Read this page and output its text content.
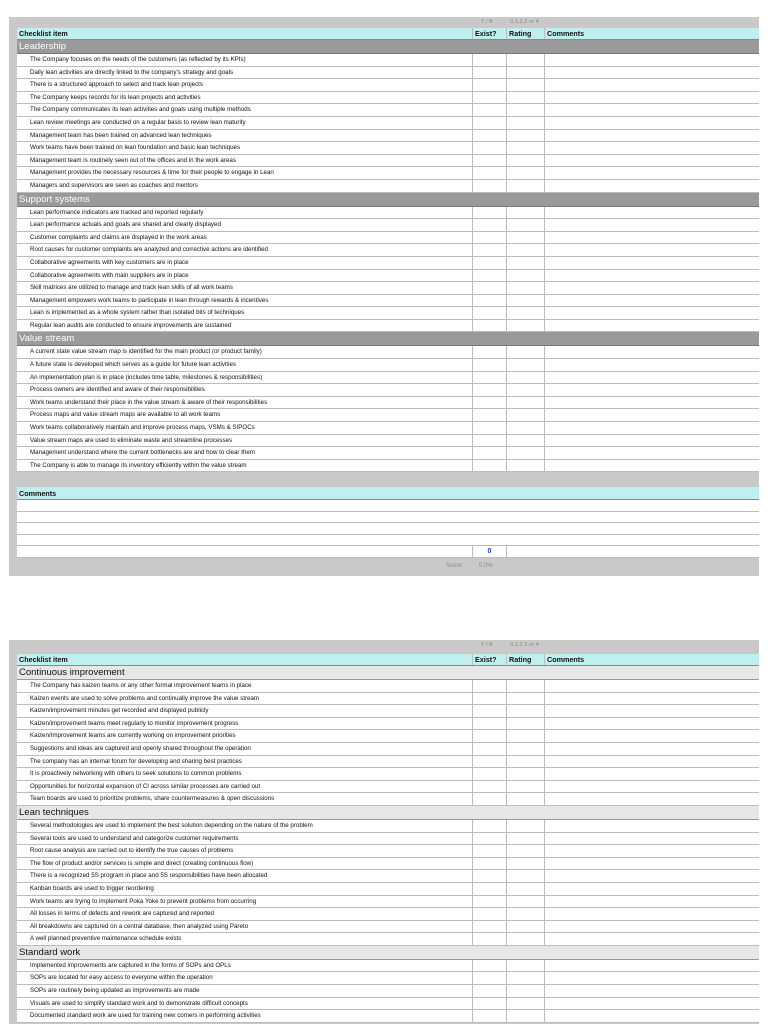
Y / N	0,1,2,3 or 4
Checklist item	Exist?	Rating	Comments
Leadership
The Company focuses on the needs of the customers (as reflected by its KPIs)
Daily lean activities are directly linked to the company's strategy and goals
There is a structured approach to select and track lean projects
The Company keeps records for its lean projects and activities
The Company communicates its lean activities and goals using multiple methods
Lean review meetings are conducted on a regular basis to review lean maturity
Management team has been trained on advanced lean techniques
Work teams have been trained on lean foundation and basic lean techniques
Management team is routinely seen out of the offices and in the work areas
Management provides the necessary resources & time for their people to engage in Lean
Managers and supervisors are seen as coaches and mentors
Support systems
Lean performance indicators are tracked and reported regularly
Lean performance actuals and goals are shared and clearly displayed
Customer complaints and claims are displayed in the work areas
Root causes for customer complaints are analyzed and corrective actions are identified
Collaborative agreements with key customers are in place
Collaborative agreements with main suppliers are in place
Skill matrices are utilized to manage and track lean skills of all work teams
Management empowers work teams to participate in lean through rewards & incentives
Lean is implemented as a whole system rather than isolated bits of techniques
Regular lean audits are conducted to ensure improvements are sustained
Value stream
A current state value stream map is identified for the main product (or product family)
A future state is developed which serves as a guide for future lean activities
An implementation plan is in place (includes time table, milestones & responsibilities)
Process owners are identified and aware of their responsibilities
Work teams understand their place in the value stream & aware of their responsibilities
Process maps and value stream maps are available to all work teams
Work teams collaboratively maintain and improve process maps, VSMs & SIPOCs
Value stream maps are used to eliminate waste and streamline processes
Management understand where the current bottlenecks are and how to clear them
The Company is able to manage its inventory efficiently within the value stream
Comments
0
Score:	0.0%
Y / N	0,1,2,3 or 4
Checklist item	Exist?	Rating	Comments
Continuous improvement
The Company has kaizen teams or any other formal improvement teams in place
Kaizen events are used to solve problems and continually improve the value stream
Kaizen/improvement minutes get recorded and displayed publicly
Kaizen/improvement teams meet regularly to monitor improvement progress
Kaizen/Improvement teams are currently working on improvement priorities
Suggestions and ideas are captured and openly shared throughout the operation
The company has an internal forum for developing and sharing best practices
It is proactively networking with others to seek solutions to common problems
Opportunities for horizontal expansion of CI across similar processes are carried out
Team boards are used to prioritize problems, share countermeasures & open discussions
Lean techniques
Several methodologies are used to implement the best solution depending on the nature of the problem
Several tools are used to understand and categorize customer requirements
Root cause analysis are carried out to identify the true causes of problems
The flow of product and/or services is simple and direct (creating continuous flow)
There is a recognized 5S program in place and 5S responsibilities have been allocated
Kanban boards are used to trigger reordering
Work teams are trying to implement Poka Yoke to prevent problems from occurring
All losses in terms of defects and rework are captured and reported
All breakdowns are captured on a central database, then analyzed using Pareto
A well planned preventive maintenance schedule exists
Standard work
Implemented improvements are captured in the forms of SOPs and OPLs
SOPs are located for easy access to everyone within the operation
SOPs are routinely being updated as improvements are made
Visuals are used to simplify standard work and to demonstrate difficult concepts
Documented standard work are used for training new comers in performing activities
